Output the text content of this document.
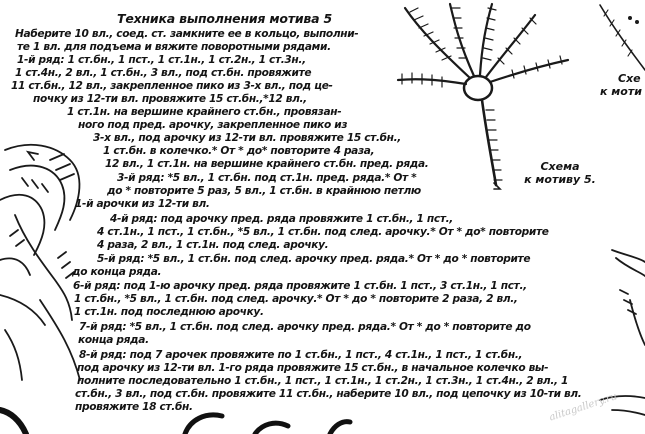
Техника выполнения мотива 5
Наберите 10 вл., соед. ст. замкните ее в кольцо, выполни-
те 1 вл. для подъема и вяжите поворотными рядами.
1-й ряд: 1 ст.бн., 1 пст., 1 ст.1н., 1 ст.2н., 1 ст.3н.,
1 ст.4н., 2 вл., 1 ст.бн., 3 вл., под ст.бн. провяжите
11 ст.бн., 12 вл., закрепленное пико из 3-х вл., под це-
почку из 12-ти вл. провяжите 15 ст.бн.,*12 вл.,
1 ст.1н. на вершине крайнего ст.бн., провязан-
ного под пред. арочку, закрепленное пико из
3-х вл., под арочку из 12-ти вл. провяжите 15 ст.бн.,
1 ст.бн. в колечко.* От * до* повторите 4 раза,
12 вл., 1 ст.1н. на вершине крайнего ст.бн. пред. ряда.
3-й ряд: *5 вл., 1 ст.бн. под ст.1н. пред. ряда.* От *
до * повторите 5 раз, 5 вл., 1 ст.бн. в крайнюю петлю
1-й арочки из 12-ти вл.
4-й ряд: под арочку пред. ряда провяжите 1 ст.бн., 1 пст.,
4 ст.1н., 1 пст., 1 ст.бн., *5 вл., 1 ст.бн. под след. арочку.* От * до* повторите
4 раза, 2 вл., 1 ст.1н. под след. арочку.
5-й ряд: *5 вл., 1 ст.бн. под след. арочку пред. ряда.* От * до * повторите
до конца ряда.
6-й ряд: под 1-ю арочку пред. ряда провяжите 1 ст.бн. 1 пст., 3 ст.1н., 1 пст.,
1 ст.бн., *5 вл., 1 ст.бн. под след. арочку.* От * до * повторите 2 раза, 2 вл.,
1 ст.1н. под последнюю арочку.
7-й ряд: *5 вл., 1 ст.бн. под след. арочку пред. ряда.* От * до * повторите до
конца ряда.
8-й ряд: под 7 арочек провяжите по 1 ст.бн., 1 пст., 4 ст.1н., 1 пст., 1 ст.бн.,
под арочку из 12-ти вл. 1-го ряда провяжите 15 ст.бн., в начальное колечко вы-
полните последовательно 1 ст.бн., 1 пст., 1 ст.1н., 1 ст.2н., 1 ст.3н., 1 ст.4н., 2 вл., 1
ст.бн., 3 вл., под ст.бн. провяжите 11 ст.бн., наберите 10 вл., под цепочку из 10-ти вл.
провяжите 18 ст.бн.
Схема
к мотиву 5.
Схе
к моти
alitagallery.ru
